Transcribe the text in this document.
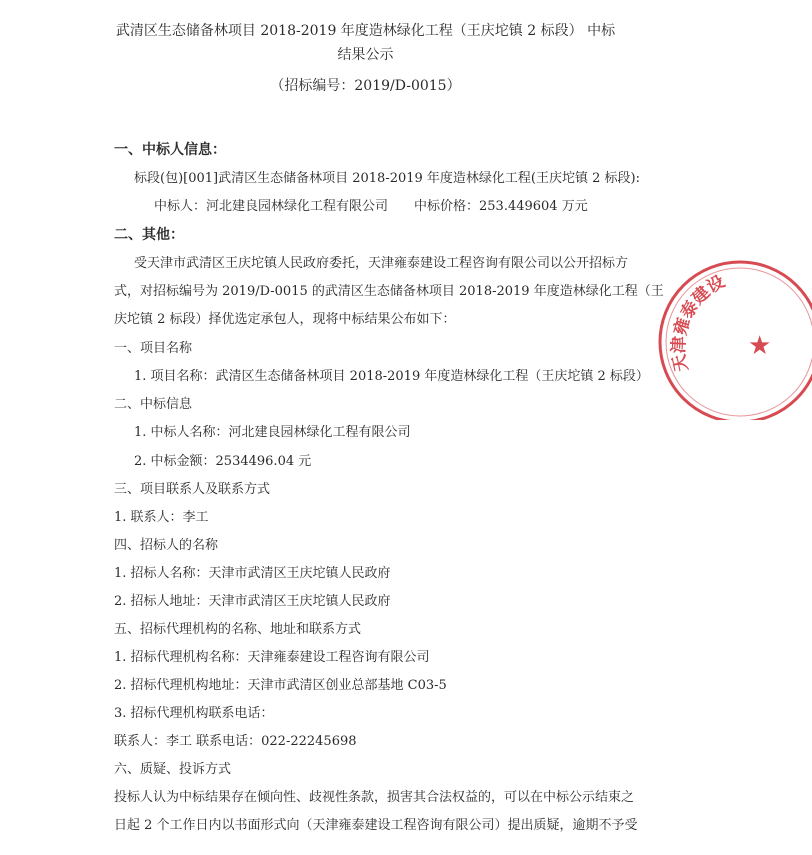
武清区生态储备林项目 2018-2019 年度造林绿化工程（王庆坨镇 2 标段） 中标
结果公示
（招标编号：2019/D-0015）
一、中标人信息：
标段(包)[001]武清区生态储备林项目 2018-2019 年度造林绿化工程(王庆坨镇 2 标段):
中标人：河北建良园林绿化工程有限公司 中标价格：253.449604 万元
二、其他：
受天津市武清区王庆坨镇人民政府委托，天津雍泰建设工程咨询有限公司以公开招标方
式，对招标编号为 2019/D-0015 的武清区生态储备林项目 2018-2019 年度造林绿化工程（王
庆坨镇 2 标段）择优选定承包人，现将中标结果公布如下：
一、项目名称
1. 项目名称：武清区生态储备林项目 2018-2019 年度造林绿化工程（王庆坨镇 2 标段）
二、中标信息
1. 中标人名称：河北建良园林绿化工程有限公司
2. 中标金额：2534496.04 元
三、项目联系人及联系方式
1. 联系人：李工
四、招标人的名称
1. 招标人名称：天津市武清区王庆坨镇人民政府
2. 招标人地址：天津市武清区王庆坨镇人民政府
五、招标代理机构的名称、地址和联系方式
1. 招标代理机构名称：天津雍泰建设工程咨询有限公司
2. 招标代理机构地址：天津市武清区创业总部基地 C03-5
3. 招标代理机构联系电话：
联系人：李工 联系电话：022-22245698
六、质疑、投诉方式
投标人认为中标结果存在倾向性、歧视性条款，损害其合法权益的，可以在中标公示结束之
日起 2 个工作日内以书面形式向（天津雍泰建设工程咨询有限公司）提出质疑，逾期不予受
天津雍泰建设
★
